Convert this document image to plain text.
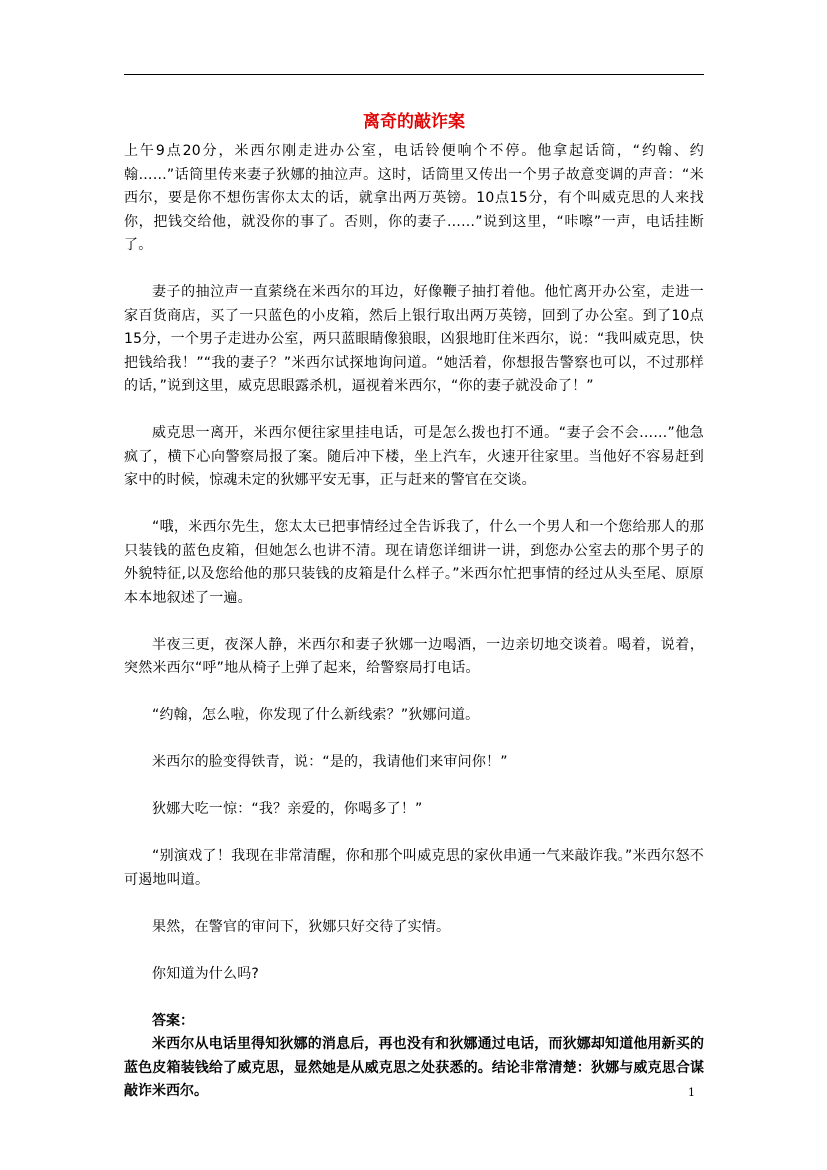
离奇的敲诈案

上午9点20分，米西尔刚走进办公室，电话铃便响个不停。他拿起话筒，“约翰、约翰……”话筒里传来妻子狄娜的抽泣声。这时，话筒里又传出一个男子故意变调的声音：“米西尔，要是你不想伤害你太太的话，就拿出两万英镑。10点15分，有个叫威克思的人来找你，把钱交给他，就没你的事了。否则，你的妻子……”说到这里，“咔嚓”一声，电话挂断了。

妻子的抽泣声一直萦绕在米西尔的耳边，好像鞭子抽打着他。他忙离开办公室，走进一家百货商店，买了一只蓝色的小皮箱，然后上银行取出两万英镑，回到了办公室。到了10点15分，一个男子走进办公室，两只蓝眼睛像狼眼，凶狠地盯住米西尔，说：“我叫威克思，快把钱给我！”“我的妻子？”米西尔试探地询问道。“她活着，你想报告警察也可以，不过那样的话，”说到这里，威克思眼露杀机，逼视着米西尔，“你的妻子就没命了！”

威克思一离开，米西尔便往家里挂电话，可是怎么拨也打不通。“妻子会不会……”他急疯了，横下心向警察局报了案。随后冲下楼，坐上汽车，火速开往家里。当他好不容易赶到家中的时候，惊魂未定的狄娜平安无事，正与赶来的警官在交谈。

“哦，米西尔先生，您太太已把事情经过全告诉我了，什么一个男人和一个您给那人的那只装钱的蓝色皮箱，但她怎么也讲不清。现在请您详细讲一讲，到您办公室去的那个男子的外貌特征,以及您给他的那只装钱的皮箱是什么样子。”米西尔忙把事情的经过从头至尾、原原本本地叙述了一遍。

半夜三更，夜深人静，米西尔和妻子狄娜一边喝酒，一边亲切地交谈着。喝着，说着，突然米西尔“呼”地从椅子上弹了起来，给警察局打电话。

“约翰，怎么啦，你发现了什么新线索？”狄娜问道。

米西尔的脸变得铁青，说：“是的，我请他们来审问你！”

狄娜大吃一惊：“我？亲爱的，你喝多了！”

“别演戏了！我现在非常清醒，你和那个叫威克思的家伙串通一气来敲诈我。”米西尔怒不可遏地叫道。

果然，在警官的审问下，狄娜只好交待了实情。

你知道为什么吗?

答案：

米西尔从电话里得知狄娜的消息后，再也没有和狄娜通过电话，而狄娜却知道他用新买的蓝色皮箱装钱给了威克思，显然她是从威克思之处获悉的。结论非常清楚：狄娜与威克思合谋敲诈米西尔。	1
